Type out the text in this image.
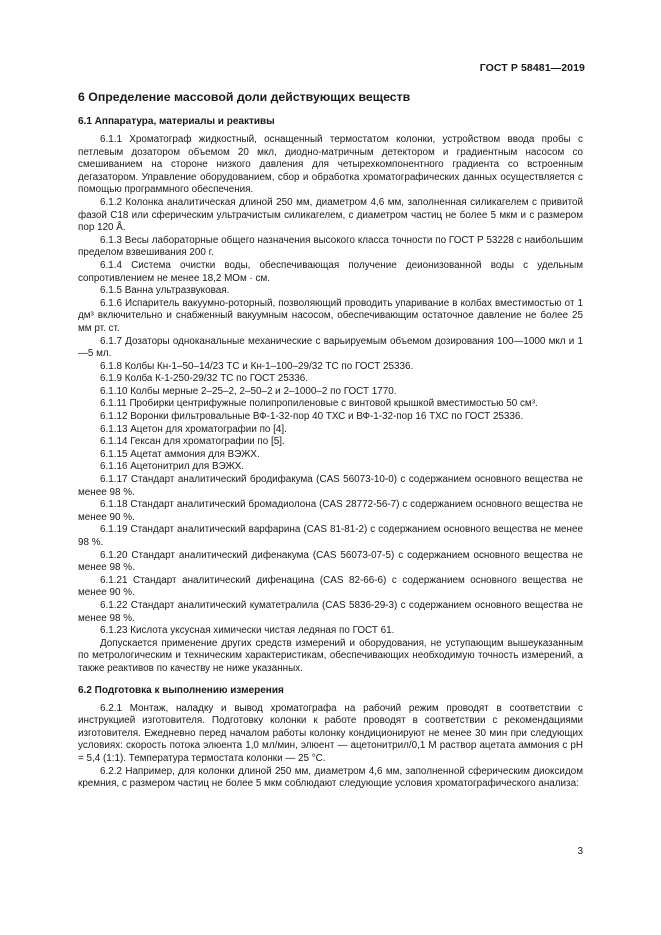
ГОСТ Р 58481—2019
6 Определение массовой доли действующих веществ
6.1 Аппаратура, материалы и реактивы

6.1.1 Хроматограф жидкостный, оснащенный термостатом колонки, устройством ввода пробы с петлевым дозатором объемом 20 мкл, диодно-матричным детектором и градиентным насосом со смешиванием на стороне низкого давления для четырехкомпонентного градиента со встроенным дегазатором. Управление оборудованием, сбор и обработка хроматографических данных осуществляется с помощью программного обеспечения.

6.1.2 Колонка аналитическая длиной 250 мм, диаметром 4,6 мм, заполненная силикагелем с привитой фазой С18 или сферическим ультрачистым силикагелем, с диаметром частиц не более 5 мкм и с размером пор 120 Å.

6.1.3 Весы лабораторные общего назначения высокого класса точности по ГОСТ Р 53228 с наибольшим пределом взвешивания 200 г.

6.1.4 Система очистки воды, обеспечивающая получение деионизованной воды с удельным сопротивлением не менее 18,2 МОм · см.

6.1.5 Ванна ультразвуковая.

6.1.6 Испаритель вакуумно-роторный, позволяющий проводить упаривание в колбах вместимостью от 1 дм³ включительно и снабженный вакуумным насосом, обеспечивающим остаточное давление не более 25 мм рт. ст.

6.1.7 Дозаторы одноканальные механические с варьируемым объемом дозирования 100—1000 мкл и 1—5 мл.

6.1.8 Колбы Кн-1–50–14/23 ТС и Кн-1–100–29/32 ТС по ГОСТ 25336.

6.1.9 Колба К-1-250-29/32 ТС по ГОСТ 25336.

6.1.10 Колбы мерные 2–25–2, 2–50–2 и 2–1000–2 по ГОСТ 1770.

6.1.11 Пробирки центрифужные полипропиленовые с винтовой крышкой вместимостью 50 см³.

6.1.12 Воронки фильтровальные ВФ-1-32-пор 40 ТХС и ВФ-1-32-пор 16 ТХС по ГОСТ 25336.

6.1.13 Ацетон для хроматографии по [4].

6.1.14 Гексан для хроматографии по [5].

6.1.15 Ацетат аммония для ВЭЖХ.

6.1.16 Ацетонитрил для ВЭЖХ.

6.1.17 Стандарт аналитический бродифакума (CAS 56073-10-0) с содержанием основного вещества не менее 98 %.

6.1.18 Стандарт аналитический бромадиолона (CAS 28772-56-7) с содержанием основного вещества не менее 90 %.

6.1.19 Стандарт аналитический варфарина (CAS 81-81-2) с содержанием основного вещества не менее 98 %.

6.1.20 Стандарт аналитический дифенакума (CAS 56073-07-5) с содержанием основного вещества не менее 98 %.

6.1.21 Стандарт аналитический дифенацина (CAS 82-66-6) с содержанием основного вещества не менее 90 %.

6.1.22 Стандарт аналитический куматетралила (CAS 5836-29-3) с содержанием основного вещества не менее 98 %.

6.1.23 Кислота уксусная химически чистая ледяная по ГОСТ 61.

Допускается применение других средств измерений и оборудования, не уступающим вышеуказанным по метрологическим и техническим характеристикам, обеспечивающих необходимую точность измерений, а также реактивов по качеству не ниже указанных.

6.2 Подготовка к выполнению измерения

6.2.1 Монтаж, наладку и вывод хроматографа на рабочий режим проводят в соответствии с инструкцией изготовителя. Подготовку колонки к работе проводят в соответствии с рекомендациями изготовителя. Ежедневно перед началом работы колонку кондиционируют не менее 30 мин при следующих условиях: скорость потока элюента 1,0 мл/мин, элюент — ацетонитрил/0,1 М раствор ацетата аммония с pH = 5,4 (1:1). Температура термостата колонки — 25 °С.

6.2.2 Например, для колонки длиной 250 мм, диаметром 4,6 мм, заполненной сферическим диоксидом кремния, с размером частиц не более 5 мкм соблюдают следующие условия хроматографического анализа:

3
